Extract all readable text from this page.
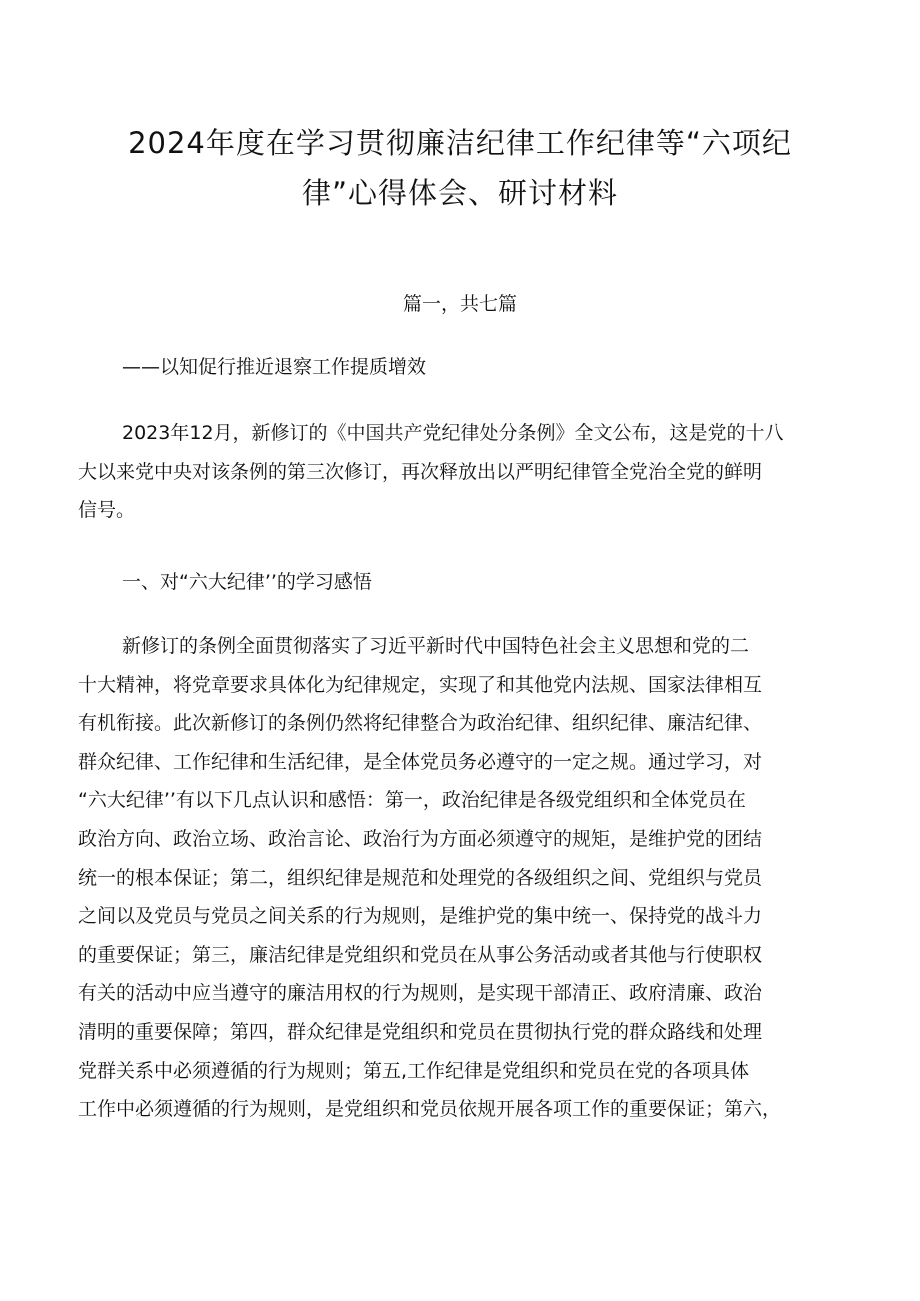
2024年度在学习贯彻廉洁纪律工作纪律等“六项纪
律”心得体会、研讨材料
篇一，共七篇
——以知促行推近退察工作提质增效
2023年12月，新修订的《中国共产党纪律处分条例》全文公布，这是党的十八
大以来党中央对该条例的第三次修订，再次释放出以严明纪律管全党治全党的鲜明
信号。
一、对“六大纪律’’的学习感悟
新修订的条例全面贯彻落实了习近平新时代中国特色社会主义思想和党的二
十大精神，将党章要求具体化为纪律规定，实现了和其他党内法规、国家法律相互
有机衔接。此次新修订的条例仍然将纪律整合为政治纪律、组织纪律、廉洁纪律、
群众纪律、工作纪律和生活纪律，是全体党员务必遵守的一定之规。通过学习，对
“六大纪律’’有以下几点认识和感悟：第一，政治纪律是各级党组织和全体党员在
政治方向、政治立场、政治言论、政治行为方面必须遵守的规矩，是维护党的团结
统一的根本保证；第二，组织纪律是规范和处理党的各级组织之间、党组织与党员
之间以及党员与党员之间关系的行为规则，是维护党的集中统一、保持党的战斗力
的重要保证；第三，廉洁纪律是党组织和党员在从事公务活动或者其他与行使职权
有关的活动中应当遵守的廉洁用权的行为规则，是实现干部清正、政府清廉、政治
清明的重要保障；第四，群众纪律是党组织和党员在贯彻执行党的群众路线和处理
党群关系中必须遵循的行为规则；第五,工作纪律是党组织和党员在党的各项具体
工作中必须遵循的行为规则，是党组织和党员依规开展各项工作的重要保证；第六，
